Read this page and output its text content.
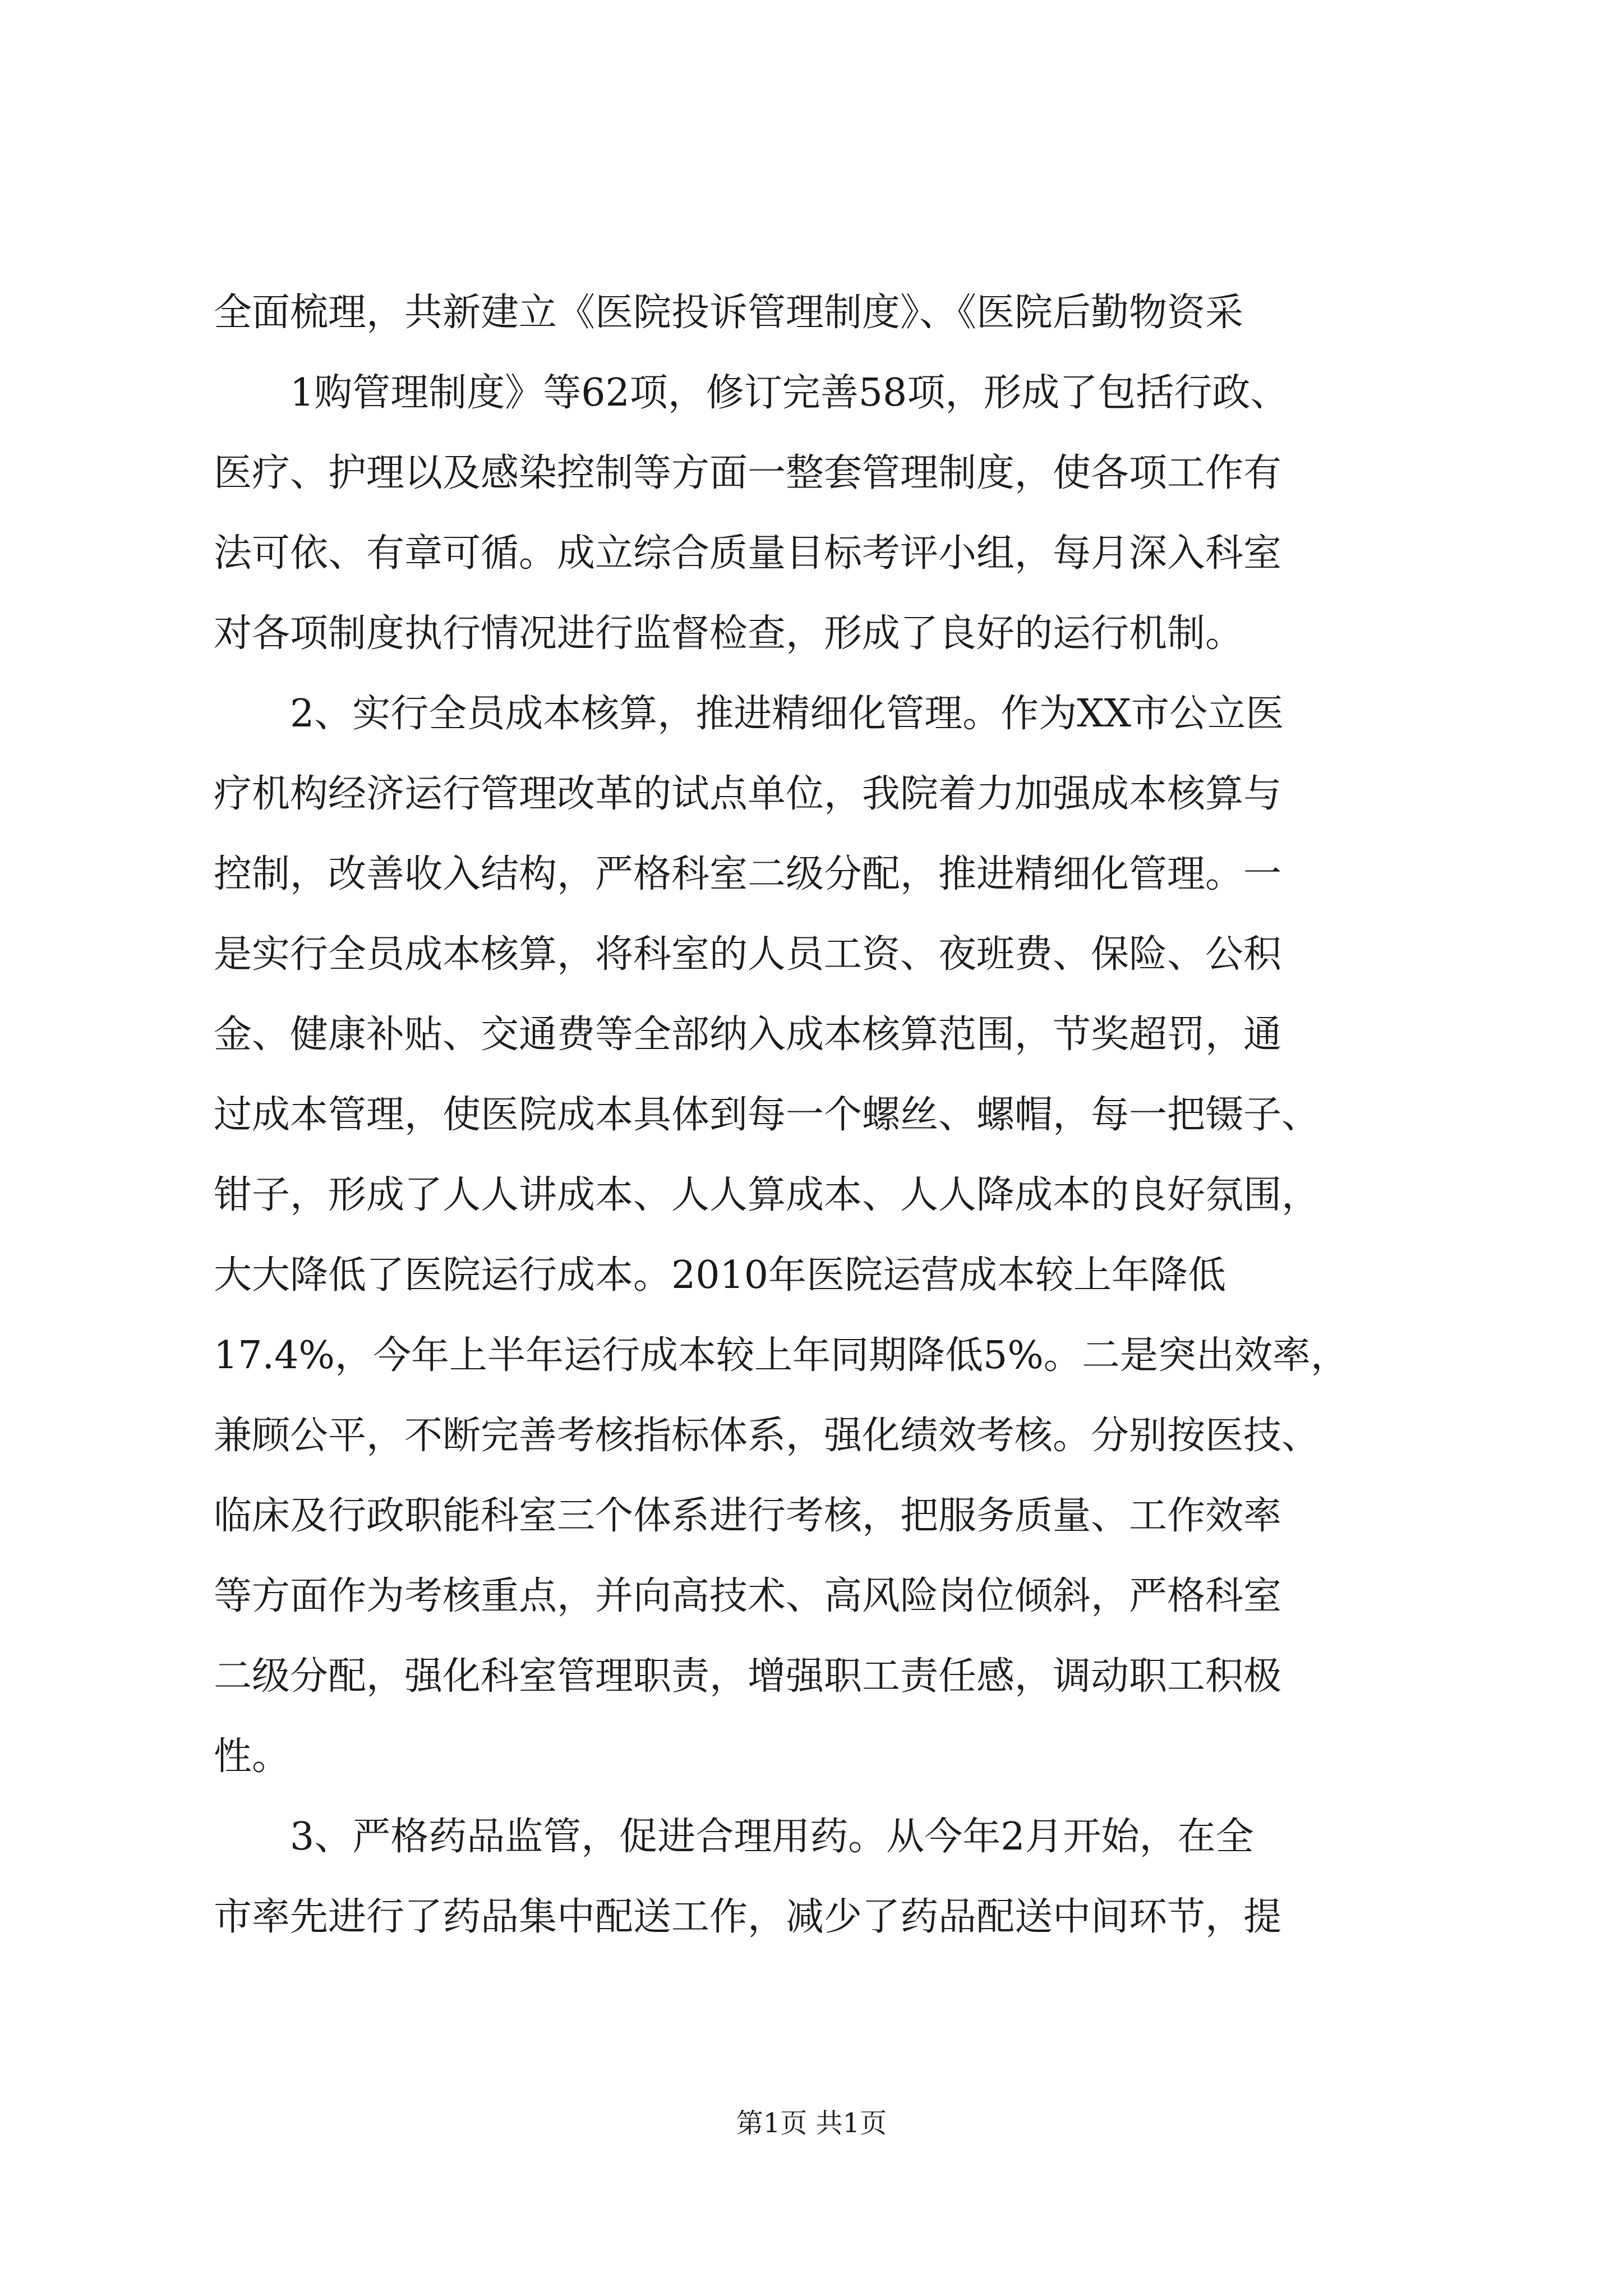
全面梳理，共新建立《医院投诉管理制度》、《医院后勤物资采
1购管理制度》等62项，修订完善58项，形成了包括行政、
医疗、护理以及感染控制等方面一整套管理制度，使各项工作有
法可依、有章可循。成立综合质量目标考评小组，每月深入科室
对各项制度执行情况进行监督检查，形成了良好的运行机制。
2、实行全员成本核算，推进精细化管理。作为XX市公立医
疗机构经济运行管理改革的试点单位，我院着力加强成本核算与
控制，改善收入结构，严格科室二级分配，推进精细化管理。一
是实行全员成本核算，将科室的人员工资、夜班费、保险、公积
金、健康补贴、交通费等全部纳入成本核算范围，节奖超罚，通
过成本管理，使医院成本具体到每一个螺丝、螺帽，每一把镊子、
钳子，形成了人人讲成本、人人算成本、人人降成本的良好氛围，
大大降低了医院运行成本。2010年医院运营成本较上年降低
17.4%，今年上半年运行成本较上年同期降低5%。二是突出效率，
兼顾公平，不断完善考核指标体系，强化绩效考核。分别按医技、
临床及行政职能科室三个体系进行考核，把服务质量、工作效率
等方面作为考核重点，并向高技术、高风险岗位倾斜，严格科室
二级分配，强化科室管理职责，增强职工责任感，调动职工积极
性。
3、严格药品监管，促进合理用药。从今年2月开始，在全
市率先进行了药品集中配送工作，减少了药品配送中间环节，提
第1页 共1页
